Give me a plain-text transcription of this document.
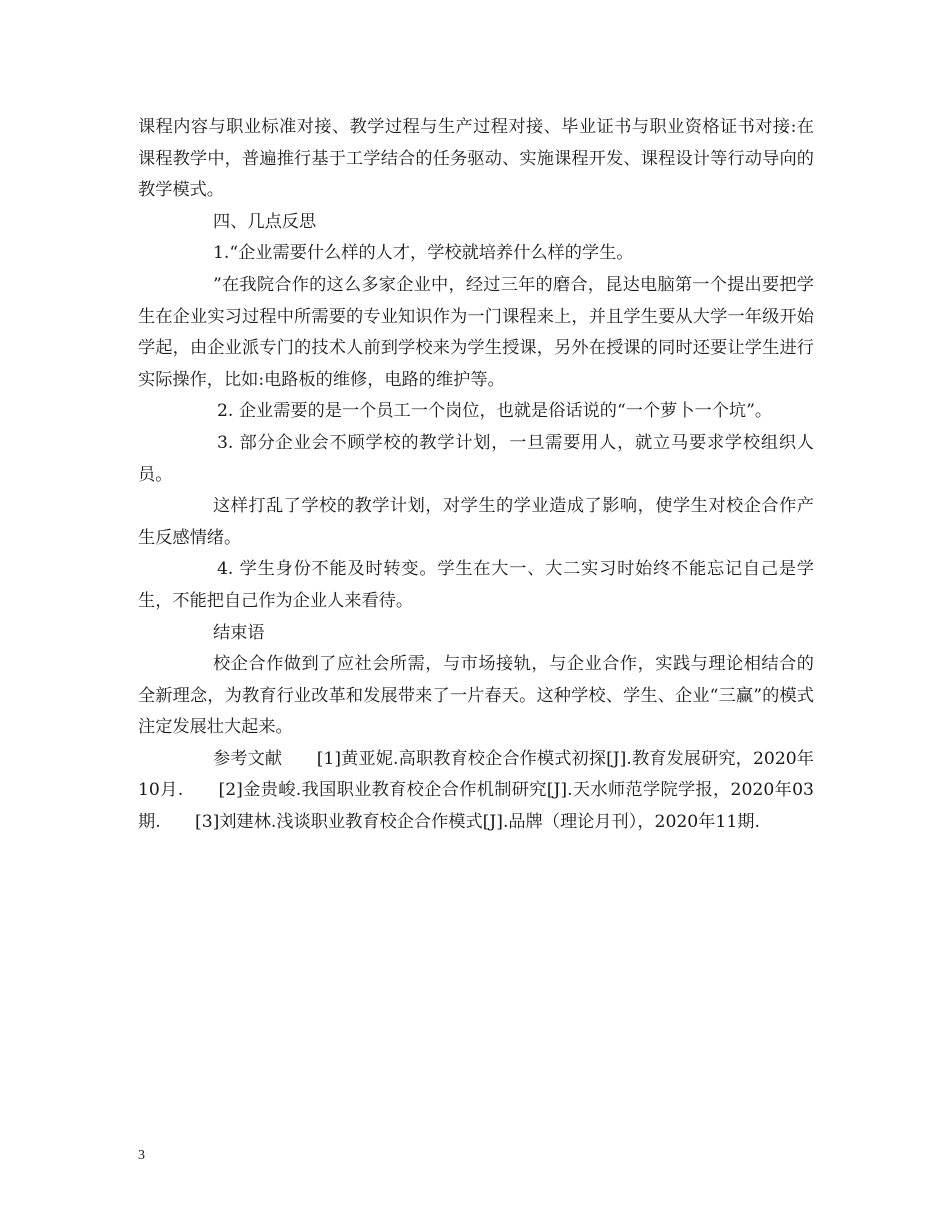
课程内容与职业标准对接、教学过程与生产过程对接、毕业证书与职业资格证书对接:在课程教学中，普遍推行基于工学结合的任务驱动、实施课程开发、课程设计等行动导向的教学模式。

四、几点反思

1.“企业需要什么样的人才，学校就培养什么样的学生。

”在我院合作的这么多家企业中，经过三年的磨合，昆达电脑第一个提出要把学生在企业实习过程中所需要的专业知识作为一门课程来上，并且学生要从大学一年级开始学起，由企业派专门的技术人前到学校来为学生授课，另外在授课的同时还要让学生进行实际操作，比如:电路板的维修，电路的维护等。

2. 企业需要的是一个员工一个岗位，也就是俗话说的“一个萝卜一个坑”。

3. 部分企业会不顾学校的教学计划，一旦需要用人，就立马要求学校组织人员。

这样打乱了学校的教学计划，对学生的学业造成了影响，使学生对校企合作产生反感情绪。

4. 学生身份不能及时转变。学生在大一、大二实习时始终不能忘记自己是学生，不能把自己作为企业人来看待。

结束语

校企合作做到了应社会所需，与市场接轨，与企业合作，实践与理论相结合的全新理念，为教育行业改革和发展带来了一片春天。这种学校、学生、企业“三赢”的模式注定发展壮大起来。

参考文献　　[1]黄亚妮.高职教育校企合作模式初探[J].教育发展研究，2020年10月.　　[2]金贵峻.我国职业教育校企合作机制研究[J].天水师范学院学报，2020年03期.　　[3]刘建林.浅谈职业教育校企合作模式[J].品牌（理论月刊），2020年11期.

3
